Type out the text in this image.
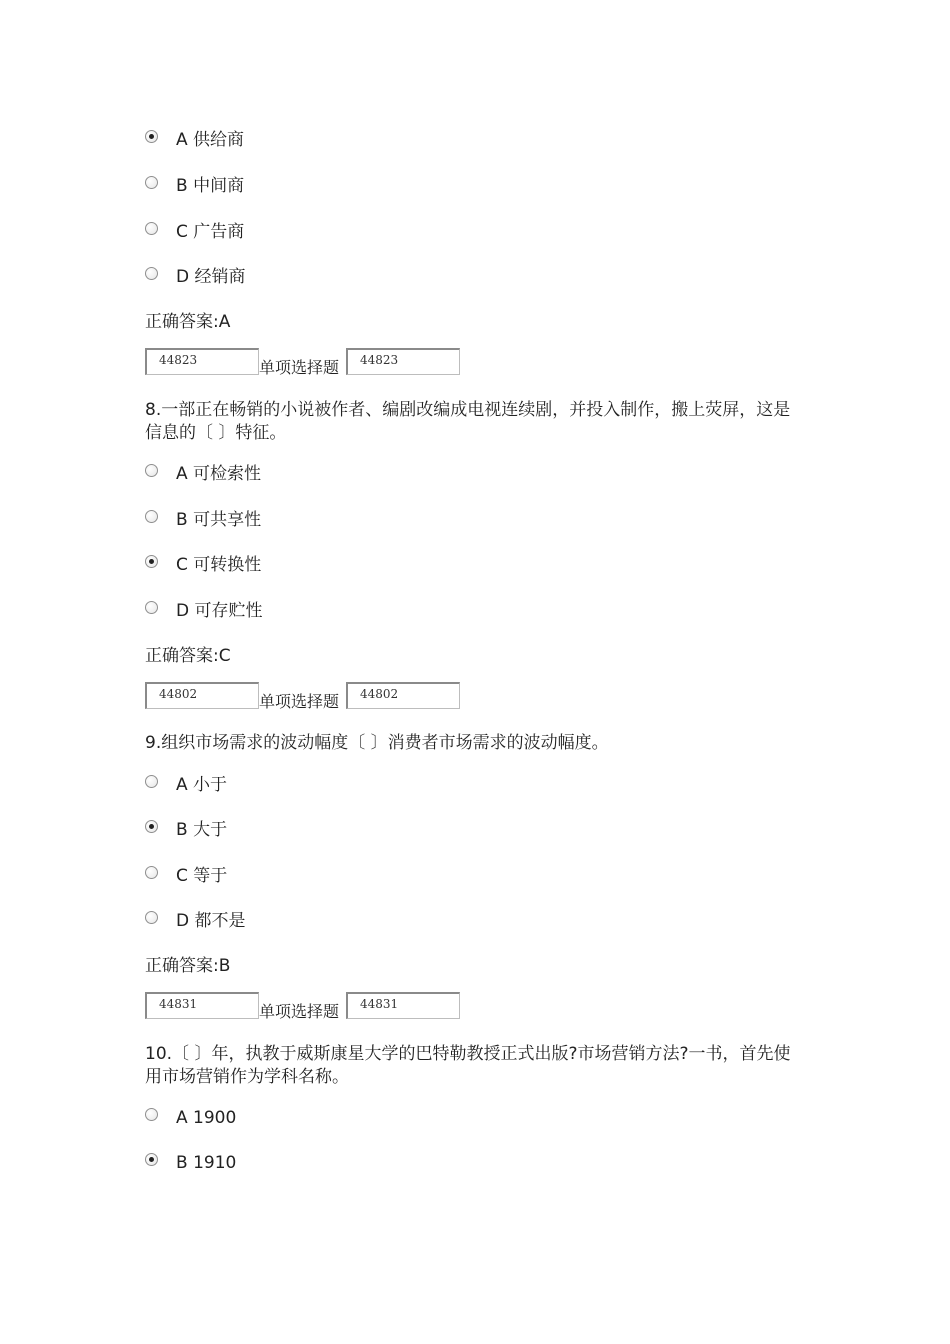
A 供给商
B 中间商
C 广告商
D 经销商
正确答案:A
44823	单项选择题	44823
8.一部正在畅销的小说被作者、编剧改编成电视连续剧，并投入制作，搬上荧屏，这是信息的〔 〕特征。
A 可检索性
B 可共享性
C 可转换性
D 可存贮性
正确答案:C
44802	单项选择题	44802
9.组织市场需求的波动幅度〔 〕消费者市场需求的波动幅度。
A 小于
B 大于
C 等于
D 都不是
正确答案:B
44831	单项选择题	44831
10.〔 〕年，执教于威斯康星大学的巴特勒教授正式出版?市场营销方法?一书，首先使用市场营销作为学科名称。
A 1900
B 1910
